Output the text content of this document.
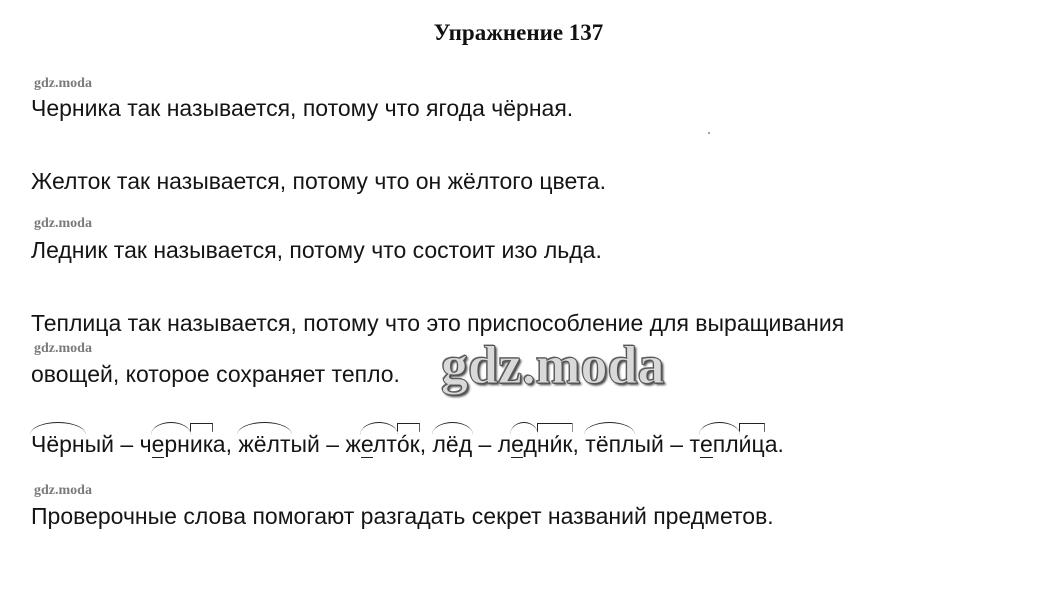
Упражнение 137
gdz.moda
Черника так называется, потому что ягода чёрная.
Желток так называется, потому что он жёлтого цвета.
gdz.moda
Ледник так называется, потому что состоит изо льда.
Теплица так называется, потому что это приспособление для выращивания
gdz.moda
овощей, которое сохраняет тепло. gdz.moda
Чёрный – черника, жёлтый – желтóк, лёд – ледни́к, тёплый – тепли́ца.
gdz.moda
Проверочные слова помогают разгадать секрет названий предметов.
